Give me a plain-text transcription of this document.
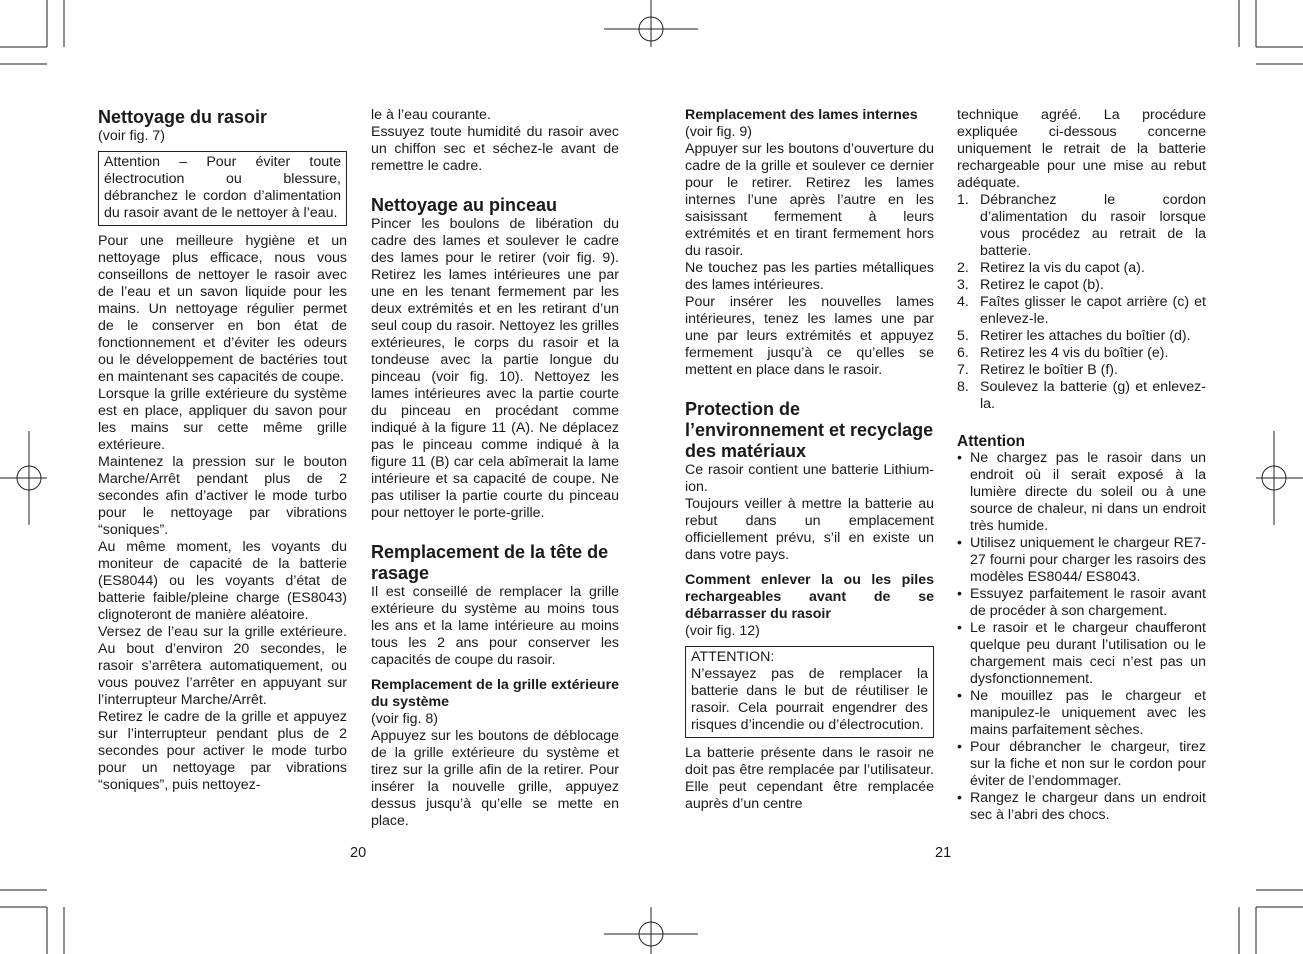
Nettoyage du rasoir

(voir fig. 7)

Attention – Pour éviter toute électrocution ou blessure, débranchez le cordon d’alimentation du rasoir avant de le nettoyer à l’eau.

Pour une meilleure hygiène et un nettoyage plus efficace, nous vous conseillons de nettoyer le rasoir avec de l’eau et un savon liquide pour les mains. Un nettoyage régulier permet de le conserver en bon état de fonctionnement et d’éviter les odeurs ou le développement de bactéries tout en maintenant ses capacités de coupe.

Lorsque la grille extérieure du système est en place, appliquer du savon pour les mains sur cette même grille extérieure.

Maintenez la pression sur le bouton Marche/Arrêt pendant plus de 2 secondes afin d’activer le mode turbo pour le nettoyage par vibrations “soniques”.

Au même moment, les voyants du moniteur de capacité de la batterie (ES8044) ou les voyants d’état de batterie faible/pleine charge (ES8043) clignoteront de manière aléatoire.

Versez de l’eau sur la grille extérieure. Au bout d’environ 20 secondes, le rasoir s’arrêtera automatiquement, ou vous pouvez l’arrêter en appuyant sur l’interrupteur Marche/Arrêt.

Retirez le cadre de la grille et appuyez sur l’interrupteur pendant plus de 2 secondes pour activer le mode turbo pour un nettoyage par vibrations “soniques”, puis nettoyez-

le à l’eau courante.

Essuyez toute humidité du rasoir avec un chiffon sec et séchez-le avant de remettre le cadre.

Nettoyage au pinceau

Pincer les boulons de libération du cadre des lames et soulever le cadre des lames pour le retirer (voir fig. 9). Retirez les lames intérieures une par une en les tenant fermement par les deux extrémités et en les retirant d’un seul coup du rasoir. Nettoyez les grilles extérieures, le corps du rasoir et la tondeuse avec la partie longue du pinceau (voir fig. 10). Nettoyez les lames intérieures avec la partie courte du pinceau en procédant comme indiqué à la figure 11 (A). Ne déplacez pas le pinceau comme indiqué à la figure 11 (B) car cela abîmerait la lame intérieure et sa capacité de coupe. Ne pas utiliser la partie courte du pinceau pour nettoyer le porte-grille.

Remplacement de la tête de rasage

Il est conseillé de remplacer la grille extérieure du système au moins tous les ans et la lame intérieure au moins tous les 2 ans pour conserver les capacités de coupe du rasoir.

Remplacement de la grille extérieure du système

(voir fig. 8)

Appuyez sur les boutons de déblocage de la grille extérieure du système et tirez sur la grille afin de la retirer. Pour insérer la nouvelle grille, appuyez dessus jusqu’à qu’elle se mette en place.

20
Remplacement des lames internes

(voir fig. 9)

Appuyer sur les boutons d’ouverture du cadre de la grille et soulever ce dernier pour le retirer. Retirez les lames internes l’une après l’autre en les saisissant fermement à leurs extrémités et en tirant fermement hors du rasoir.

Ne touchez pas les parties métalliques des lames intérieures.

Pour insérer les nouvelles lames intérieures, tenez les lames une par une par leurs extrémités et appuyez fermement jusqu’à ce qu’elles se mettent en place dans le rasoir.

Protection de l’environnement et recyclage des matériaux

Ce rasoir contient une batterie Lithium-ion.

Toujours veiller à mettre la batterie au rebut dans un emplacement officiellement prévu, s’il en existe un dans votre pays.

Comment enlever la ou les piles rechargeables avant de se débarrasser du rasoir

(voir fig. 12)

ATTENTION:
N’essayez pas de remplacer la batterie dans le but de réutiliser le rasoir. Cela pourrait engendrer des risques d’incendie ou d’électrocution.

La batterie présente dans le rasoir ne doit pas être remplacée par l’utilisateur. Elle peut cependant être remplacée auprès d’un centre

technique agréé. La procédure expliquée ci-dessous concerne uniquement le retrait de la batterie rechargeable pour une mise au rebut adéquate.

1. Débranchez le cordon d’alimentation du rasoir lorsque vous procédez au retrait de la batterie.
2. Retirez la vis du capot (a).
3. Retirez le capot (b).
4. Faîtes glisser le capot arrière (c) et enlevez-le.
5. Retirer les attaches du boîtier (d).
6. Retirez les 4 vis du boîtier (e).
7. Retirez le boîtier B (f).
8. Soulevez la batterie (g) et enlevez-la.
Attention
• Ne chargez pas le rasoir dans un endroit où il serait exposé à la lumière directe du soleil ou à une source de chaleur, ni dans un endroit très humide.
• Utilisez uniquement le chargeur RE7-27 fourni pour charger les rasoirs des modèles ES8044/ ES8043.
• Essuyez parfaitement le rasoir avant de procéder à son chargement.
• Le rasoir et le chargeur chaufferont quelque peu durant l’utilisation ou le chargement mais ceci n’est pas un dysfonctionnement.
• Ne mouillez pas le chargeur et manipulez-le uniquement avec les mains parfaitement sèches.
• Pour débrancher le chargeur, tirez sur la fiche et non sur le cordon pour éviter de l’endommager.
• Rangez le chargeur dans un endroit sec à l’abri des chocs.
21
